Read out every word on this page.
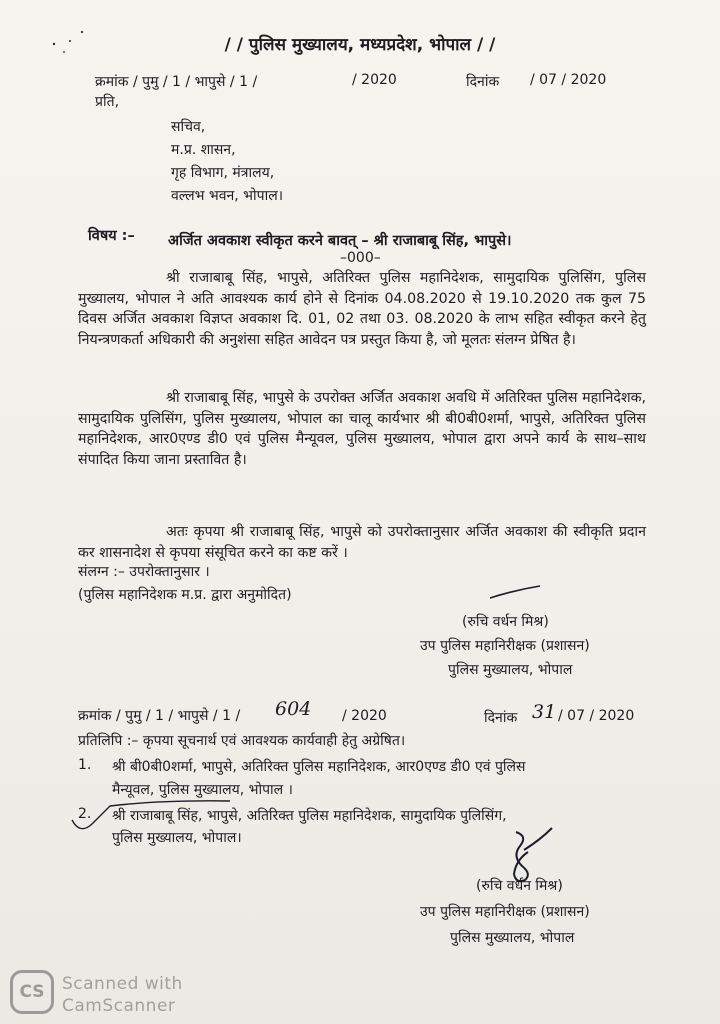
/ / पुलिस मुख्यालय, मध्यप्रदेश, भोपाल / /
क्रमांक / पुमु / 1 / भापुसे / 1 /	/ 2020	दिनांक / 07 / 2020
प्रति,
सचिव,
म.प्र. शासन,
गृह विभाग, मंत्रालय,
वल्लभ भवन, भोपाल।
विषय :– अर्जित अवकाश स्वीकृत करने बावत् – श्री राजाबाबू सिंह, भापुसे।
–000–
श्री राजाबाबू सिंह, भापुसे, अतिरिक्त पुलिस महानिदेशक, सामुदायिक पुलिसिंग, पुलिस मुख्यालय, भोपाल ने अति आवश्यक कार्य होने से दिनांक 04.08.2020 से 19.10.2020 तक कुल 75 दिवस अर्जित अवकाश विज्ञप्त अवकाश दि. 01, 02 तथा 03. 08.2020 के लाभ सहित स्वीकृत करने हेतु नियन्त्रणकर्ता अधिकारी की अनुशंसा सहित आवेदन पत्र प्रस्तुत किया है, जो मूलतः संलग्न प्रेषित है।
श्री राजाबाबू सिंह, भापुसे के उपरोक्त अर्जित अवकाश अवधि में अतिरिक्त पुलिस महानिदेशक, सामुदायिक पुलिसिंग, पुलिस मुख्यालय, भोपाल का चालू कार्यभार श्री बी0बी0शर्मा, भापुसे, अतिरिक्त पुलिस महानिदेशक, आर0एण्ड डी0 एवं पुलिस मैन्यूवल, पुलिस मुख्यालय, भोपाल द्वारा अपने कार्य के साथ–साथ संपादित किया जाना प्रस्तावित है।
अतः कृपया श्री राजाबाबू सिंह, भापुसे को उपरोक्तानुसार अर्जित अवकाश की स्वीकृति प्रदान कर शासनादेश से कृपया संसूचित करने का कष्ट करें ।
संलग्न :– उपरोक्तानुसार ।
(पुलिस महानिदेशक म.प्र. द्वारा अनुमोदित)
(रुचि वर्धन मिश्र)
उप पुलिस महानिरीक्षक (प्रशासन)
पुलिस मुख्यालय, भोपाल
क्रमांक / पुमु / 1 / भापुसे / 1 / 604 / 2020	दिनांक 31 / 07 / 2020
प्रतिलिपि :– कृपया सूचनार्थ एवं आवश्यक कार्यवाही हेतु अग्रेषित।
1. श्री बी0बी0शर्मा, भापुसे, अतिरिक्त पुलिस महानिदेशक, आर0एण्ड डी0 एवं पुलिस
मैन्यूवल, पुलिस मुख्यालय, भोपाल ।
2. श्री राजाबाबू सिंह, भापुसे, अतिरिक्त पुलिस महानिदेशक, सामुदायिक पुलिसिंग,
पुलिस मुख्यालय, भोपाल।
(रुचि वर्धन मिश्र)
उप पुलिस महानिरीक्षक (प्रशासन)
पुलिस मुख्यालय, भोपाल
CS	Scanned with
CamScanner
